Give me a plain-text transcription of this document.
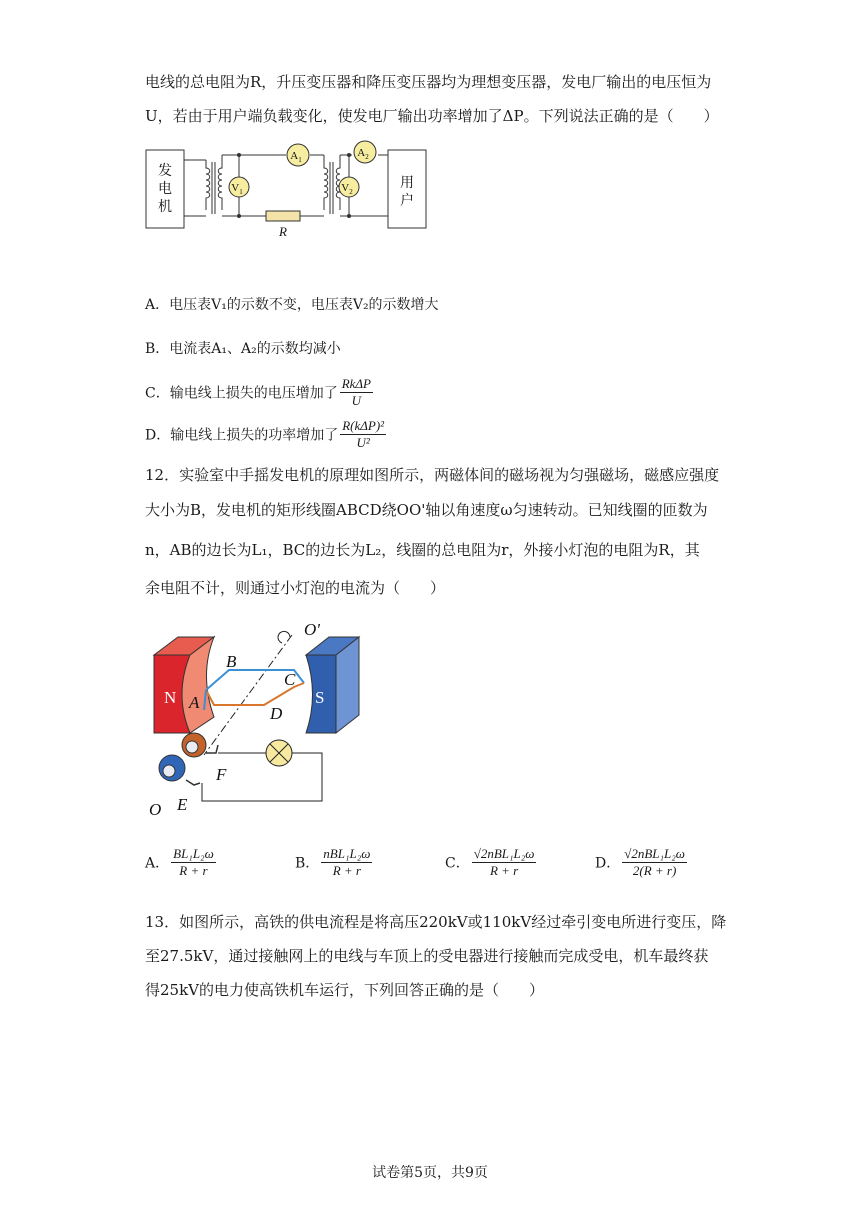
电线的总电阻为R，升压变压器和降压变压器均为理想变压器，发电厂输出的电压恒为
U，若由于用户端负载变化，使发电厂输出功率增加了ΔP。下列说法正确的是（　　）
$A_1$
$A_2$
$V_1$	$V_2$
发
电
机
用
户
R
A．电压表V₁的示数不变，电压表V₂的示数增大
B．电流表A₁、A₂的示数均减小
C．输电线上损失的电压增加了 $\frac{\text{RkΔP}}{U}$
D．输电线上损失的功率增加了 $\frac{\text{R(kΔP)²}}{\text{U²}}$
12．实验室中手摇发电机的原理如图所示，两磁体间的磁场视为匀强磁场，磁感应强度
大小为B，发电机的矩形线圈ABCD绕OO'轴以角速度ω匀速转动。已知线圈的匝数为
n，AB的边长为L₁，BC的边长为L₂，线圈的总电阻为r，外接小灯泡的电阻为R，其
余电阻不计，则通过小灯泡的电流为（　　）
B
C
A
D
F
E
O
O'
N	S
A． $\frac{\text{BL₁L₂ω}}{R + r}$	B． $\frac{\text{nBL₁L₂ω}}{R + r}$	C． $\frac{\text{√2nBL₁L₂ω}}{R + r}$	D． $\frac{\text{√2nBL₁L₂ω}}{2(R + r)}$
13．如图所示，高铁的供电流程是将高压220kV或110kV经过牵引变电所进行变压，降
至27.5kV，通过接触网上的电线与车顶上的受电器进行接触而完成受电，机车最终获
得25kV的电力使高铁机车运行，下列回答正确的是（　　）
试卷第5页，共9页
